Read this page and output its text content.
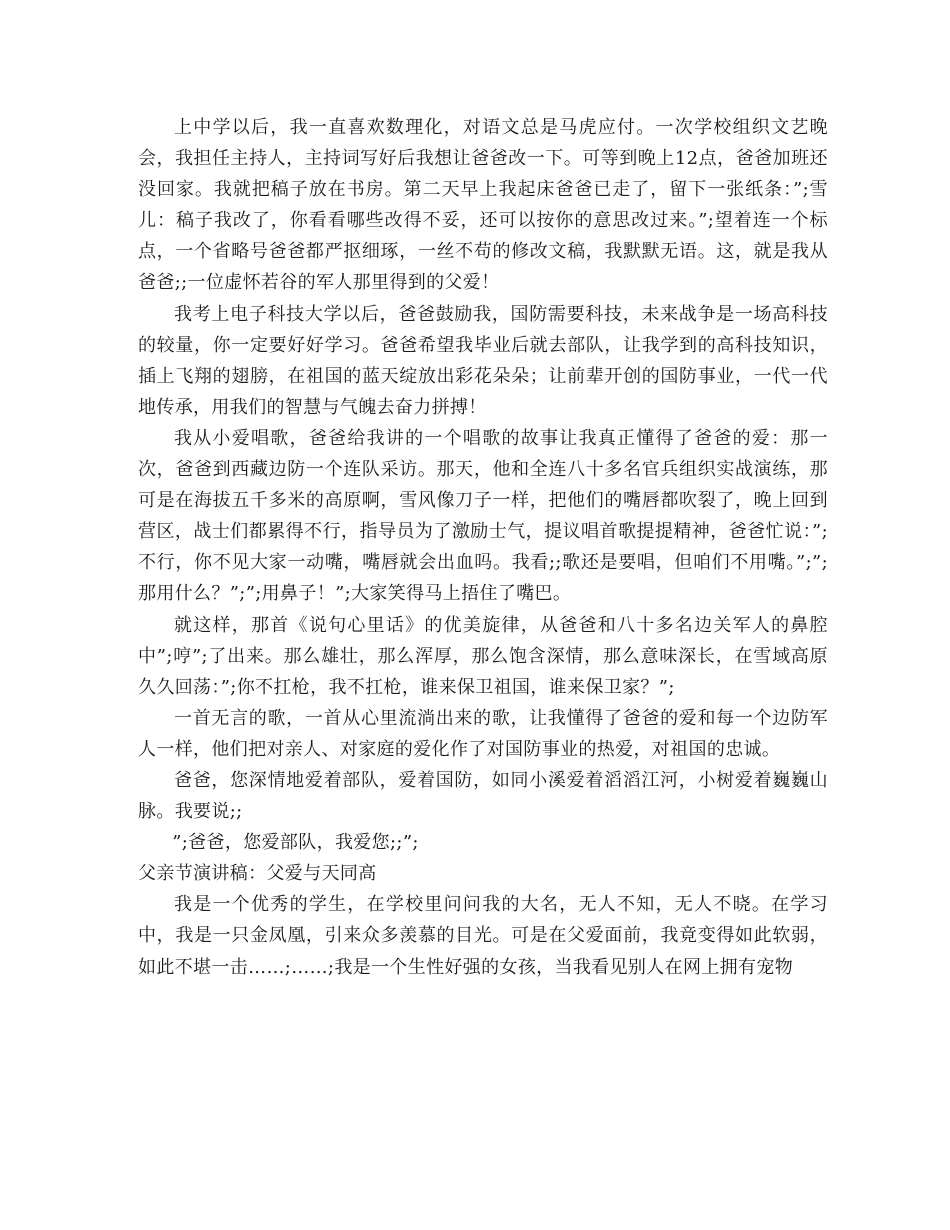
上中学以后，我一直喜欢数理化，对语文总是马虎应付。一次学校组织文艺晚会，我担任主持人，主持词写好后我想让爸爸改一下。可等到晚上12点，爸爸加班还没回家。我就把稿子放在书房。第二天早上我起床爸爸已走了，留下一张纸条：”;雪儿：稿子我改了，你看看哪些改得不妥，还可以按你的意思改过来。”;望着连一个标点，一个省略号爸爸都严抠细琢，一丝不苟的修改文稿，我默默无语。这，就是我从爸爸;;一位虚怀若谷的军人那里得到的父爱！

我考上电子科技大学以后，爸爸鼓励我，国防需要科技，未来战争是一场高科技的较量，你一定要好好学习。爸爸希望我毕业后就去部队，让我学到的高科技知识，插上飞翔的翅膀，在祖国的蓝天绽放出彩花朵朵；让前辈开创的国防事业，一代一代地传承，用我们的智慧与气魄去奋力拼搏！

我从小爱唱歌，爸爸给我讲的一个唱歌的故事让我真正懂得了爸爸的爱：那一次，爸爸到西藏边防一个连队采访。那天，他和全连八十多名官兵组织实战演练，那可是在海拔五千多米的高原啊，雪风像刀子一样，把他们的嘴唇都吹裂了，晚上回到营区，战士们都累得不行，指导员为了激励士气，提议唱首歌提提精神，爸爸忙说：”;不行，你不见大家一动嘴，嘴唇就会出血吗。我看;;歌还是要唱，但咱们不用嘴。”;”;那用什么？”;”;用鼻子！”;大家笑得马上捂住了嘴巴。

就这样，那首《说句心里话》的优美旋律，从爸爸和八十多名边关军人的鼻腔中”;哼”;了出来。那么雄壮，那么浑厚，那么饱含深情，那么意味深长，在雪域高原久久回荡：”;你不扛枪，我不扛枪，谁来保卫祖国，谁来保卫家？”;

一首无言的歌，一首从心里流淌出来的歌，让我懂得了爸爸的爱和每一个边防军人一样，他们把对亲人、对家庭的爱化作了对国防事业的热爱，对祖国的忠诚。

爸爸，您深情地爱着部队，爱着国防，如同小溪爱着滔滔江河，小树爱着巍巍山脉。我要说;;

”;爸爸，您爱部队，我爱您;;”;

父亲节演讲稿：父爱与天同高

我是一个优秀的学生，在学校里问问我的大名，无人不知，无人不晓。在学习中，我是一只金凤凰，引来众多羡慕的目光。可是在父爱面前，我竟变得如此软弱，如此不堪一击……;……;我是一个生性好强的女孩，当我看见别人在网上拥有宠物
